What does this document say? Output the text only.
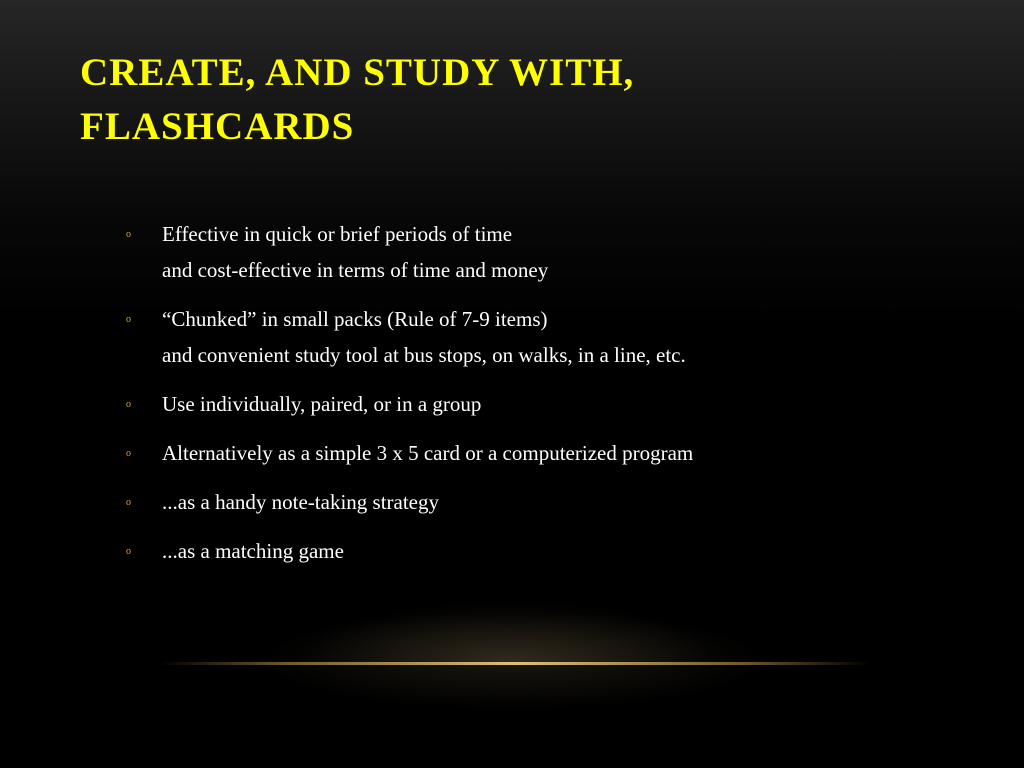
CREATE, AND STUDY WITH,
FLASHCARDS
o Effective in quick or brief periods of time
and cost-effective in terms of time and money
o “Chunked” in small packs (Rule of 7-9 items)
and convenient study tool at bus stops, on walks, in a line, etc.
o Use individually, paired, or in a group
o Alternatively as a simple 3 x 5 card or a computerized program
o ...as a handy note-taking strategy
o ...as a matching game
